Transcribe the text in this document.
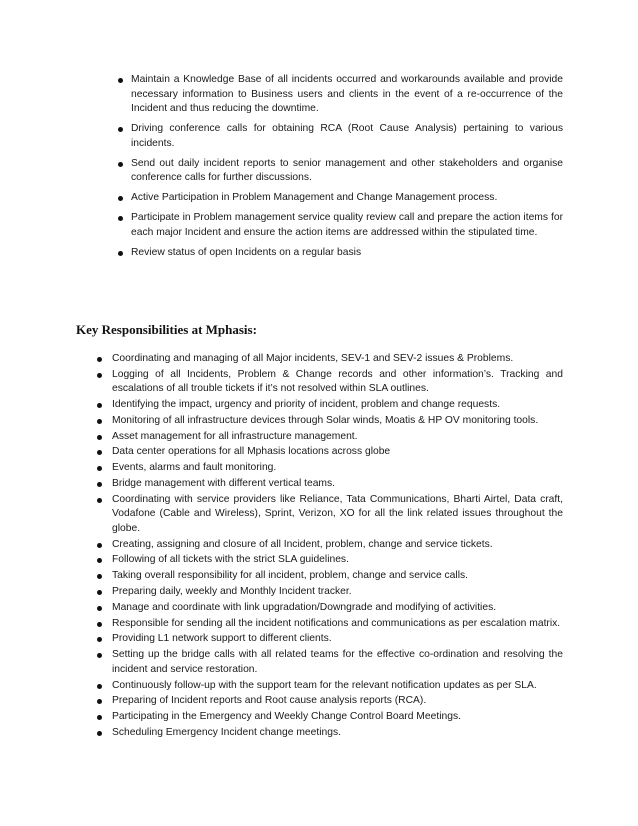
Maintain a Knowledge Base of all incidents occurred and workarounds available and provide necessary information to Business users and clients in the event of a re-occurrence of the Incident and thus reducing the downtime.
Driving conference calls for obtaining RCA (Root Cause Analysis) pertaining to various incidents.
Send out daily incident reports to senior management and other stakeholders and organise conference calls for further discussions.
Active Participation in Problem Management and Change Management process.
Participate in Problem management service quality review call and prepare the action items for each major Incident and ensure the action items are addressed within the stipulated time.
Review status of open Incidents on a regular basis
Key Responsibilities at Mphasis:
Coordinating and managing of all Major incidents, SEV-1 and SEV-2 issues & Problems.
Logging of all Incidents, Problem & Change records and other information’s. Tracking and escalations of all trouble tickets if it’s not resolved within SLA outlines.
Identifying the impact, urgency and priority of incident, problem and change requests.
Monitoring of all infrastructure devices through Solar winds, Moatis & HP OV monitoring tools.
Asset management for all infrastructure management.
Data center operations for all Mphasis locations across globe
Events, alarms and fault monitoring.
Bridge management with different vertical teams.
Coordinating with service providers like Reliance, Tata Communications, Bharti Airtel, Data craft, Vodafone (Cable and Wireless), Sprint, Verizon, XO for all the link related issues throughout the globe.
Creating, assigning and closure of all Incident, problem, change and service tickets.
Following of all tickets with the strict SLA guidelines.
Taking overall responsibility for all incident, problem, change and service calls.
Preparing daily, weekly and Monthly Incident tracker.
Manage and coordinate with link upgradation/Downgrade and modifying of activities.
Responsible for sending all the incident notifications and communications as per escalation matrix.
Providing L1 network support to different clients.
Setting up the bridge calls with all related teams for the effective co-ordination and resolving the incident and service restoration.
Continuously follow-up with the support team for the relevant notification updates as per SLA.
Preparing of Incident reports and Root cause analysis reports (RCA).
Participating in the Emergency and Weekly Change Control Board Meetings.
Scheduling Emergency Incident change meetings.
